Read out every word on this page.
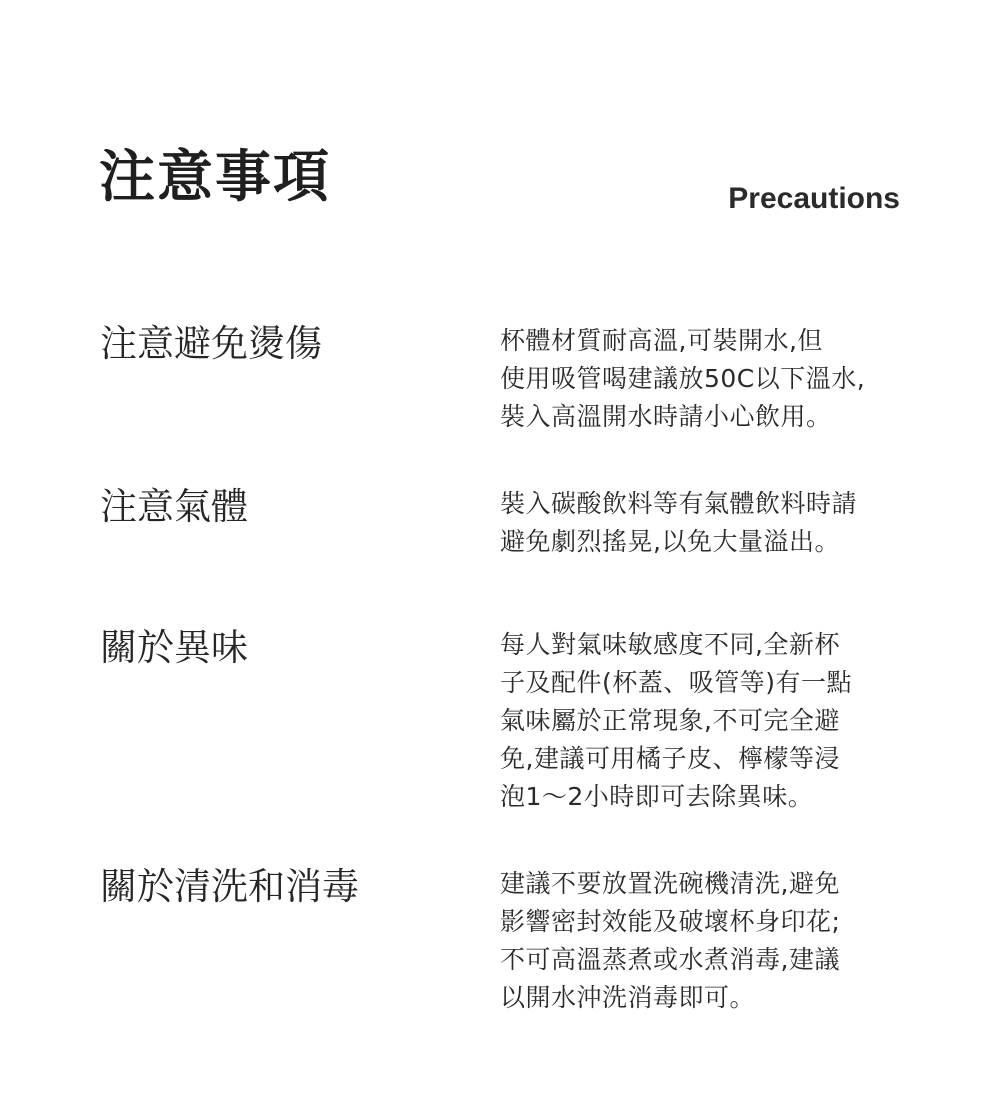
注意事項	Precautions
注意避免燙傷	杯體材質耐高溫,可裝開水,但
使用吸管喝建議放50C以下溫水,
裝入高溫開水時請小心飲用。
注意氣體	裝入碳酸飲料等有氣體飲料時請
避免劇烈搖晃,以免大量溢出。
關於異味	每人對氣味敏感度不同,全新杯
子及配件(杯蓋、吸管等)有一點
氣味屬於正常現象,不可完全避
免,建議可用橘子皮、檸檬等浸
泡1～2小時即可去除異味。
關於清洗和消毒	建議不要放置洗碗機清洗,避免
影響密封效能及破壞杯身印花;
不可高溫蒸煮或水煮消毒,建議
以開水沖洗消毒即可。
